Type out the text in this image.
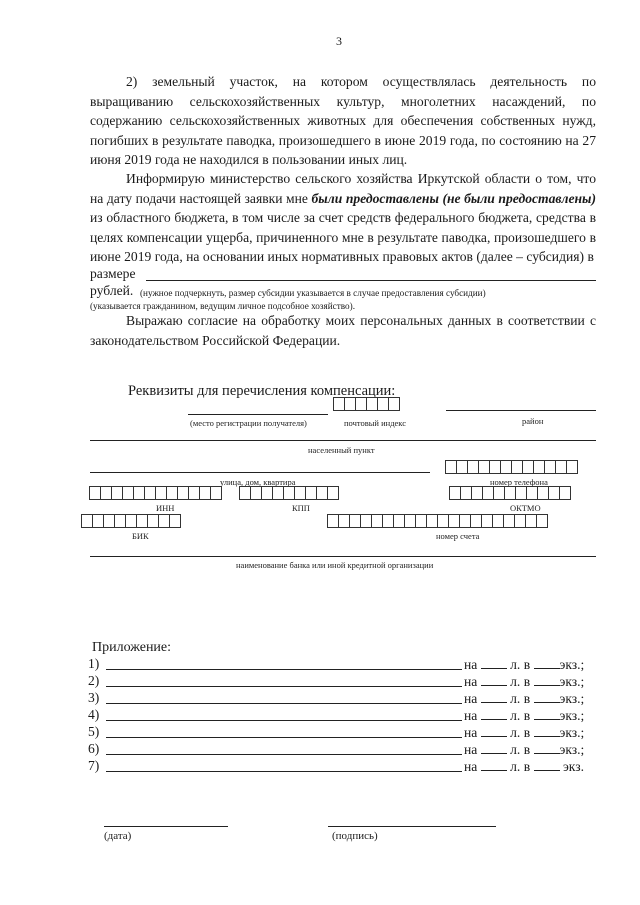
3
2) земельный участок, на котором осуществлялась деятельность по выращиванию сельскохозяйственных культур, многолетних насаждений, по содержанию сельскохозяйственных животных для обеспечения собственных нужд, погибших в результате паводка, произошедшего в июне 2019 года, по состоянию на 27 июня 2019 года не находился в пользовании иных лиц.
Информирую министерство сельского хозяйства Иркутской области о том, что на дату подачи настоящей заявки мне были предоставлены (не были предоставлены) из областного бюджета, в том числе за счет средств федерального бюджета, средства в целях компенсации ущерба, причиненного мне в результате паводка, произошедшего в июне 2019 года, на основании иных нормативных правовых актов (далее – субсидия) в
размере
рублей. (нужное подчеркнуть, размер субсидии указывается в случае предоставления субсидии)
(указывается гражданином, ведущим личное подсобное хозяйство).
Выражаю согласие на обработку моих персональных данных в соответствии с законодательством Российской Федерации.
Реквизиты для перечисления компенсации:
(место регистрации получателя)	почтовый индекс	район
населенный пункт
улица, дом, квартира	номер телефона
ИНН	КПП	ОКТМО
БИК	номер счета
наименование банка или иной кредитной организации
Приложение:
1)	на л. в экз.;
2)	на л. в экз.;
3)	на л. в экз.;
4)	на л. в экз.;
5)	на л. в экз.;
6)	на л. в экз.;
7)	на л. в экз.
(дата)	(подпись)
